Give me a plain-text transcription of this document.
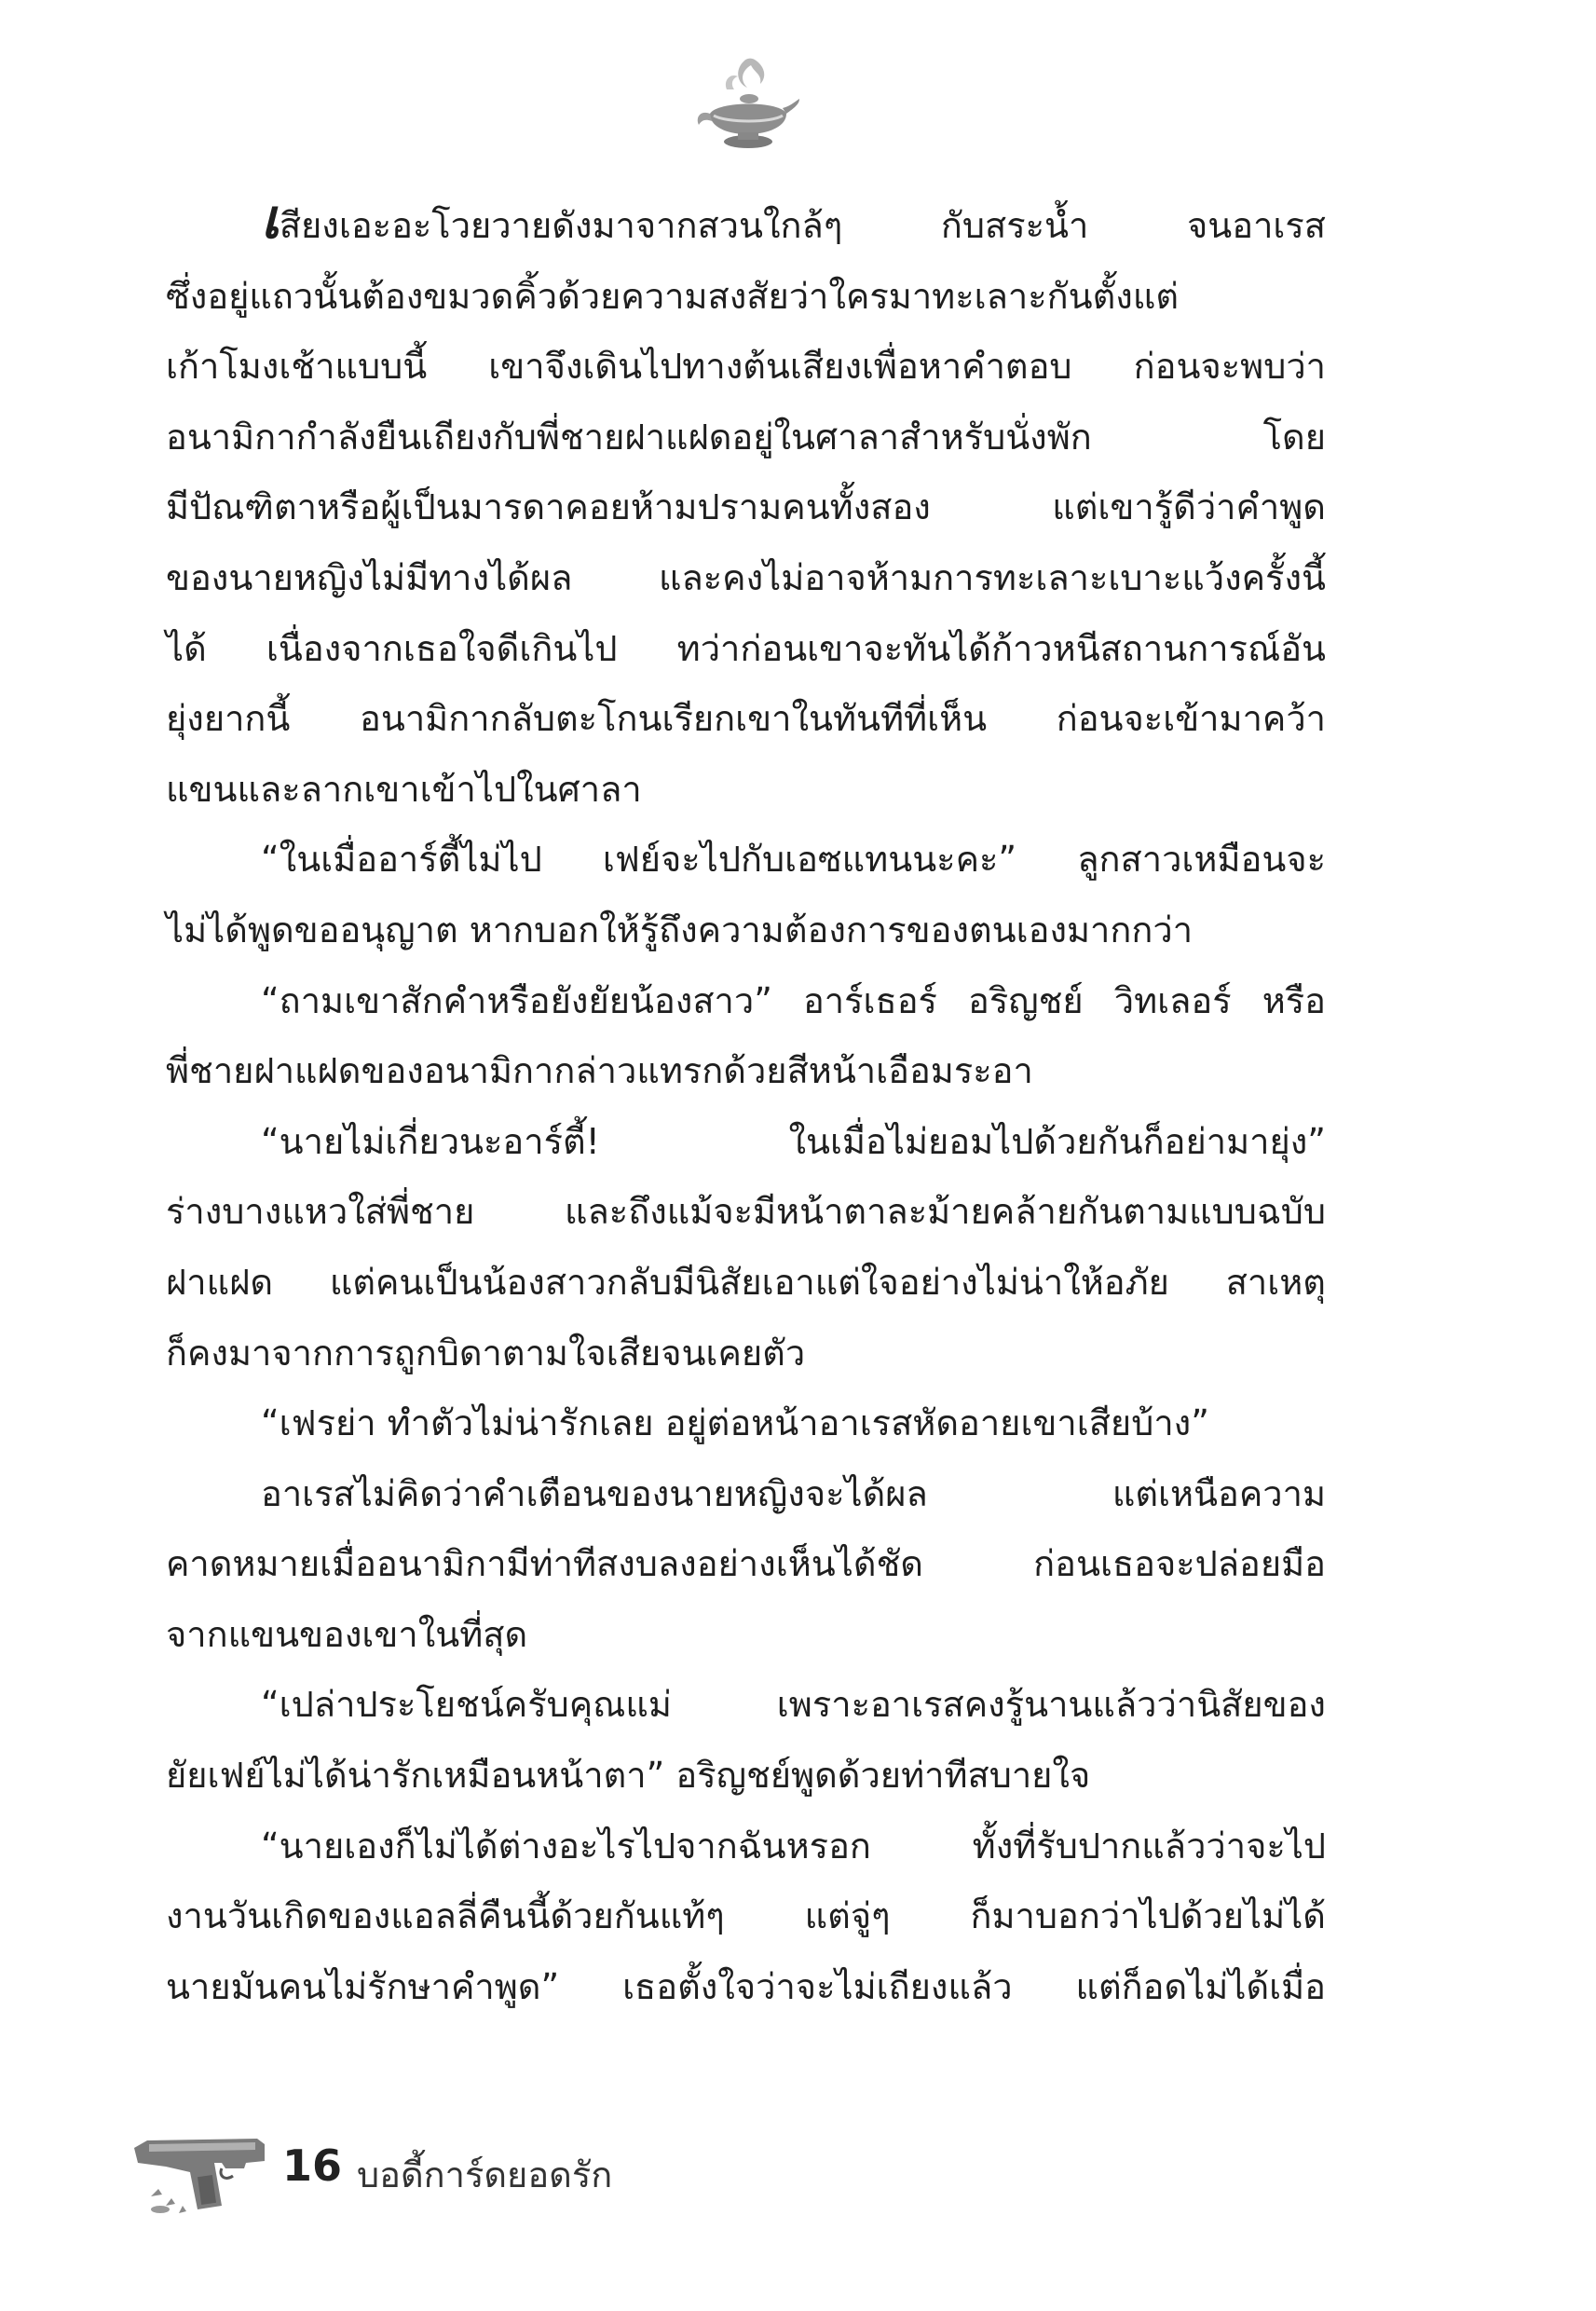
เสียงเอะอะโวยวายดังมาจากสวนใกล้ๆ กับสระน้ำ จนอาเรส
ซึ่งอยู่แถวนั้นต้องขมวดคิ้วด้วยความสงสัยว่าใครมาทะเลาะกันตั้งแต่
เก้าโมงเช้าแบบนี้ เขาจึงเดินไปทางต้นเสียงเพื่อหาคำตอบ ก่อนจะพบว่า
อนามิกากำลังยืนเถียงกับพี่ชายฝาแฝดอยู่ในศาลาสำหรับนั่งพัก โดย
มีปัณฑิตาหรือผู้เป็นมารดาคอยห้ามปรามคนทั้งสอง แต่เขารู้ดีว่าคำพูด
ของนายหญิงไม่มีทางได้ผล และคงไม่อาจห้ามการทะเลาะเบาะแว้งครั้งนี้
ได้ เนื่องจากเธอใจดีเกินไป ทว่าก่อนเขาจะทันได้ก้าวหนีสถานการณ์อัน
ยุ่งยากนี้ อนามิกากลับตะโกนเรียกเขาในทันทีที่เห็น ก่อนจะเข้ามาคว้า
แขนและลากเขาเข้าไปในศาลา
“ในเมื่ออาร์ตี้ไม่ไป เฟย์จะไปกับเอซแทนนะคะ” ลูกสาวเหมือนจะ
ไม่ได้พูดขออนุญาต หากบอกให้รู้ถึงความต้องการของตนเองมากกว่า
“ถามเขาสักคำหรือยังยัยน้องสาว” อาร์เธอร์ อริญชย์ วิทเลอร์ หรือ
พี่ชายฝาแฝดของอนามิกากล่าวแทรกด้วยสีหน้าเอือมระอา
“นายไม่เกี่ยวนะอาร์ตี้! ในเมื่อไม่ยอมไปด้วยกันก็อย่ามายุ่ง”
ร่างบางแหวใส่พี่ชาย และถึงแม้จะมีหน้าตาละม้ายคล้ายกันตามแบบฉบับ
ฝาแฝด แต่คนเป็นน้องสาวกลับมีนิสัยเอาแต่ใจอย่างไม่น่าให้อภัย สาเหตุ
ก็คงมาจากการถูกบิดาตามใจเสียจนเคยตัว
“เฟรย่า ทำตัวไม่น่ารักเลย อยู่ต่อหน้าอาเรสหัดอายเขาเสียบ้าง”
อาเรสไม่คิดว่าคำเตือนของนายหญิงจะได้ผล แต่เหนือความ
คาดหมายเมื่ออนามิกามีท่าทีสงบลงอย่างเห็นได้ชัด ก่อนเธอจะปล่อยมือ
จากแขนของเขาในที่สุด
“เปล่าประโยชน์ครับคุณแม่ เพราะอาเรสคงรู้นานแล้วว่านิสัยของ
ยัยเฟย์ไม่ได้น่ารักเหมือนหน้าตา” อริญชย์พูดด้วยท่าทีสบายใจ
“นายเองก็ไม่ได้ต่างอะไรไปจากฉันหรอก ทั้งที่รับปากแล้วว่าจะไป
งานวันเกิดของแอลลี่คืนนี้ด้วยกันแท้ๆ แต่จู่ๆ ก็มาบอกว่าไปด้วยไม่ได้
นายมันคนไม่รักษาคำพูด” เธอตั้งใจว่าจะไม่เถียงแล้ว แต่ก็อดไม่ได้เมื่อ
16 บอดี้การ์ดยอดรัก
